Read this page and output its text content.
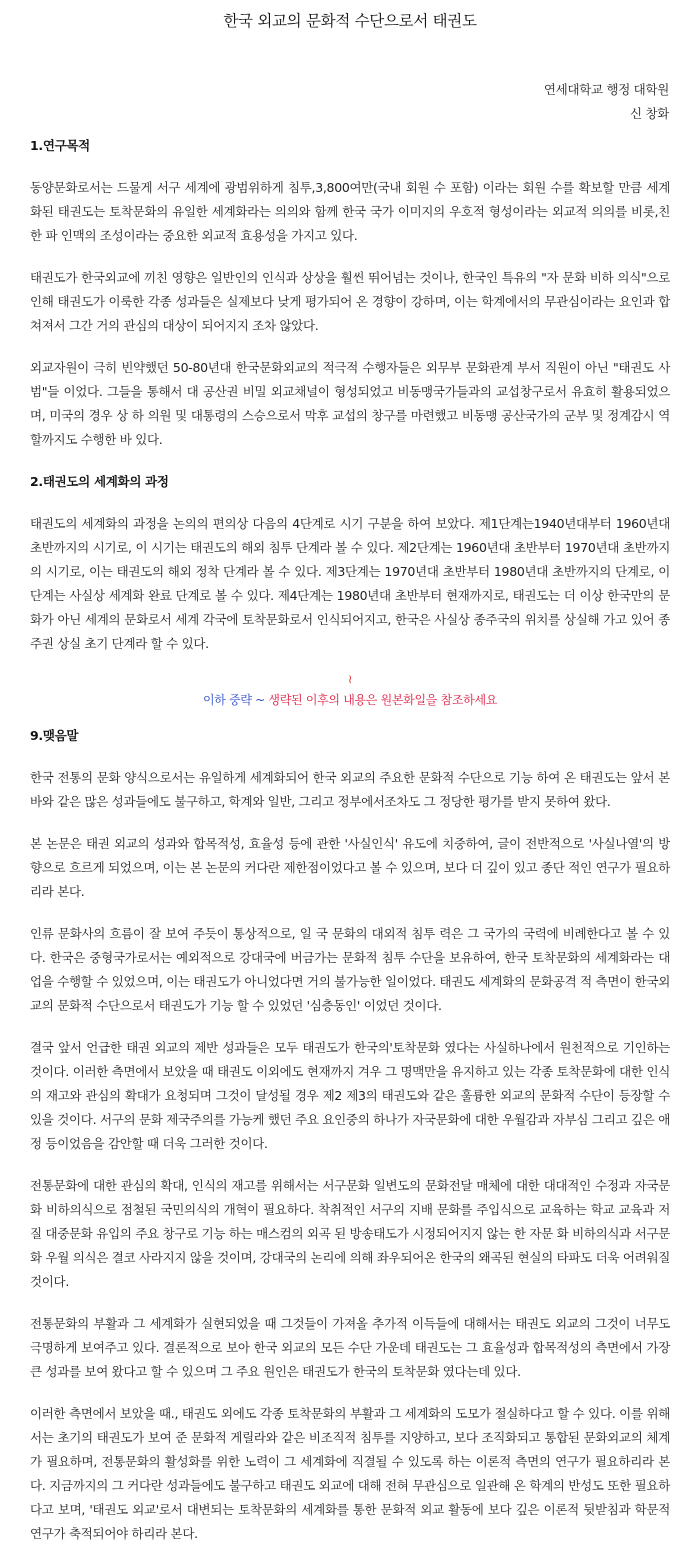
한국 외교의 문화적 수단으로서 태권도
연세대학교 행정 대학원
신 창화
1.연구목적

동양문화로서는 드물게 서구 세계에 광범위하게 침투,3,800여만(국내 회원 수 포함) 이라는 회원 수를 확보할 만큼 세계화된 태권도는 토착문화의 유일한 세계화라는 의의와 함께 한국 국가 이미지의 우호적 형성이라는 외교적 의의를 비롯,친한 파 인맥의 조성이라는 중요한 외교적 효용성을 가지고 있다.

태권도가 한국외교에 끼친 영향은 일반인의 인식과 상상을 훨씬 뛰어넘는 것이나, 한국인 특유의 "자 문화 비하 의식"으로 인해 태권도가 이룩한 각종 성과들은 실제보다 낮게 평가되어 온 경향이 강하며, 이는 학계에서의 무관심이라는 요인과 합쳐져서 그간 거의 관심의 대상이 되어지지 조차 않았다.

외교자원이 극히 빈약했던 50-80년대 한국문화외교의 적극적 수행자들은 외무부 문화관계 부서 직원이 아닌 "태권도 사범"들 이었다. 그들을 통해서 대 공산권 비밀 외교채널이 형성되었고 비동맹국가들과의 교섭창구로서 유효히 활용되었으며, 미국의 경우 상 하 의원 및 대통령의 스승으로서 막후 교섭의 창구를 마련했고 비동맹 공산국가의 군부 및 정계감시 역할까지도 수행한 바 있다.

2.태권도의 세계화의 과정

태권도의 세계화의 과정을 논의의 편의상 다음의 4단계로 시기 구분을 하여 보았다. 제1단계는1940년대부터 1960년대 초반까지의 시기로, 이 시기는 태권도의 해외 침투 단계라 볼 수 있다. 제2단계는 1960년대 초반부터 1970년대 초반까지의 시기로, 이는 태권도의 해외 정착 단계라 볼 수 있다. 제3단계는 1970년대 초반부터 1980년대 초반까지의 단계로, 이 단계는 사실상 세계화 완료 단계로 볼 수 있다. 제4단계는 1980년대 초반부터 현재까지로, 태권도는 더 이상 한국만의 문화가 아닌 세계의 문화로서 세계 각국에 토착문화로서 인식되어지고, 한국은 사실상 종주국의 위치를 상실해 가고 있어 종주권 상실 초기 단계라 할 수 있다.

≀
이하 중략 ~ 생략된 이후의 내용은 원본화일을 참조하세요
9.맺음말

한국 전통의 문화 양식으로서는 유일하게 세계화되어 한국 외교의 주요한 문화적 수단으로 기능 하여 온 태권도는 앞서 본 바와 같은 많은 성과들에도 불구하고, 학계와 일반, 그리고 정부에서조차도 그 정당한 평가를 받지 못하여 왔다.

본 논문은 태권 외교의 성과와 합목적성, 효율성 등에 관한 '사실인식' 유도에 치중하여, 글이 전반적으로 '사실나열'의 방향으로 흐르게 되었으며, 이는 본 논문의 커다란 제한점이었다고 볼 수 있으며, 보다 더 깊이 있고 종단 적인 연구가 필요하리라 본다.

인류 문화사의 흐름이 잘 보여 주듯이 통상적으로, 일 국 문화의 대외적 침투 력은 그 국가의 국력에 비례한다고 볼 수 있다. 한국은 중형국가로서는 예외적으로 강대국에 버금가는 문화적 침투 수단을 보유하여, 한국 토착문화의 세계화라는 대업을 수행할 수 있었으며, 이는 태권도가 아니었다면 거의 불가능한 일이었다. 태권도 세계화의 문화공격 적 측면이 한국외교의 문화적 수단으로서 태권도가 기능 할 수 있었던 '심층동인' 이었던 것이다.

결국 앞서 언급한 태권 외교의 제반 성과들은 모두 태권도가 한국의'토착문화 였다는 사실하나에서 원천적으로 기인하는 것이다. 이러한 측면에서 보았을 때 태권도 이외에도 현재까지 겨우 그 명맥만을 유지하고 있는 각종 토착문화에 대한 인식의 재고와 관심의 확대가 요청되며 그것이 달성될 경우 제2 제3의 태권도와 같은 훌륭한 외교의 문화적 수단이 등장할 수 있을 것이다. 서구의 문화 제국주의를 가능케 했던 주요 요인중의 하나가 자국문화에 대한 우월감과 자부심 그리고 깊은 애정 등이었음을 감안할 때 더욱 그러한 것이다.

전통문화에 대한 관심의 확대, 인식의 재고를 위해서는 서구문화 일변도의 문화전달 매체에 대한 대대적인 수정과 자국문화 비하의식으로 점철된 국민의식의 개혁이 필요하다. 착취적인 서구의 지배 문화를 주입식으로 교육하는 학교 교육과 저질 대중문화 유입의 주요 창구로 기능 하는 매스컴의 외곡 된 방송태도가 시정되어지지 않는 한 자문 화 비하의식과 서구문화 우월 의식은 결코 사라지지 않을 것이며, 강대국의 논리에 의해 좌우되어온 한국의 왜곡된 현실의 타파도 더욱 어려워질 것이다.

전통문화의 부활과 그 세계화가 실현되었을 때 그것들이 가져올 추가적 이득들에 대해서는 태권도 외교의 그것이 너무도 극명하게 보여주고 있다. 결론적으로 보아 한국 외교의 모든 수단 가운데 태권도는 그 효율성과 합목적성의 측면에서 가장 큰 성과를 보여 왔다고 할 수 있으며 그 주요 원인은 태권도가 한국의 토착문화 였다는데 있다.

이러한 측면에서 보았을 때., 태권도 외에도 각종 토착문화의 부활과 그 세계화의 도모가 절실하다고 할 수 있다. 이를 위해서는 초기의 태권도가 보여 준 문화적 게릴라와 같은 비조직적 침투를 지양하고, 보다 조직화되고 통합된 문화외교의 체계가 필요하며, 전통문화의 활성화를 위한 노력이 그 세계화에 직결될 수 있도록 하는 이론적 측면의 연구가 필요하리라 본다. 지금까지의 그 커다란 성과들에도 불구하고 태권도 외교에 대해 전혀 무관심으로 일관해 온 학계의 반성도 또한 필요하다고 보며, '태권도 외교'로서 대변되는 토착문화의 세계화를 통한 문화적 외교 활동에 보다 깊은 이론적 뒷받침과 학문적 연구가 축적되어야 하리라 본다.
